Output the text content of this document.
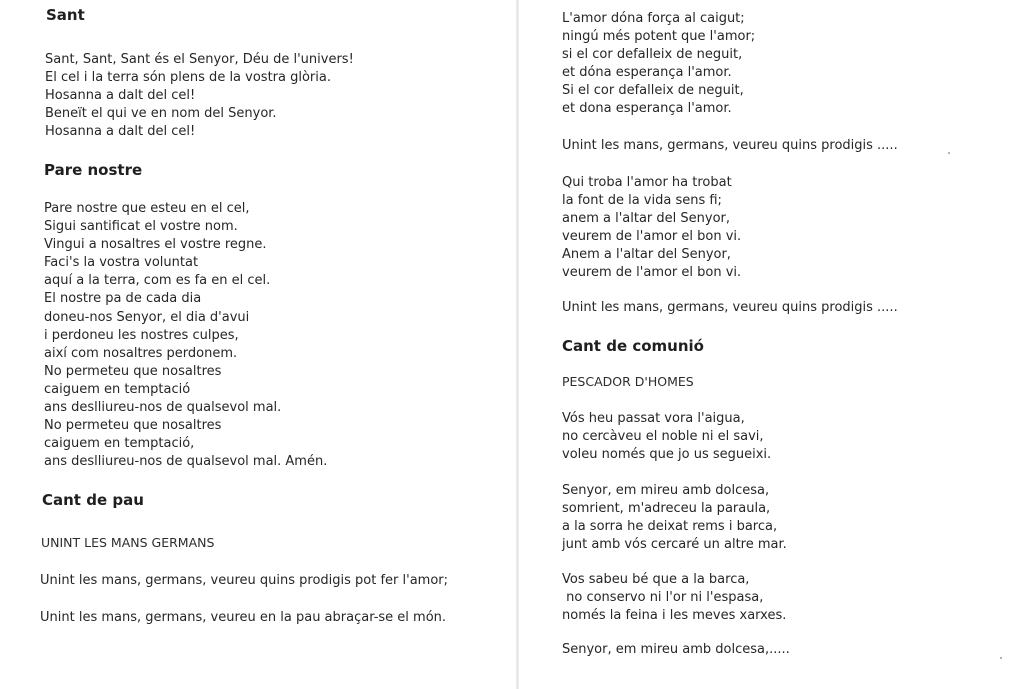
Sant
Sant, Sant, Sant és el Senyor, Déu de l'univers!
El cel i la terra són plens de la vostra glòria.
Hosanna a dalt del cel!
Beneït el qui ve en nom del Senyor.
Hosanna a dalt del cel!
Pare nostre
Pare nostre que esteu en el cel,
Sigui santificat el vostre nom.
Vingui a nosaltres el vostre regne.
Faci's la vostra voluntat
aquí a la terra, com es fa en el cel.
El nostre pa de cada dia
doneu-nos Senyor, el dia d'avui
i perdoneu les nostres culpes,
així com nosaltres perdonem.
No permeteu que nosaltres
caiguem en temptació
ans deslliureu-nos de qualsevol mal.
No permeteu que nosaltres
caiguem en temptació,
ans deslliureu-nos de qualsevol mal. Amén.
Cant de pau
UNINT LES MANS GERMANS

Unint les mans, germans, veureu quins prodigis pot fer l'amor;

Unint les mans, germans, veureu en la pau abraçar-se el món.

L'amor dóna força al caigut;
ningú més potent que l'amor;
si el cor defalleix de neguit,
et dóna esperança l'amor.
Si el cor defalleix de neguit,
et dona esperança l'amor.
Unint les mans, germans, veureu quins prodigis .....
Qui troba l'amor ha trobat
la font de la vida sens fi;
anem a l'altar del Senyor,
veurem de l'amor el bon vi.
Anem a l'altar del Senyor,
veurem de l'amor el bon vi.
Unint les mans, germans, veureu quins prodigis .....
Cant de comunió
PESCADOR D'HOMES
Vós heu passat vora l'aigua,
no cercàveu el noble ni el savi,
voleu només que jo us segueixi.
Senyor, em mireu amb dolcesa,
somrient, m'adreceu la paraula,
a la sorra he deixat rems i barca,
junt amb vós cercaré un altre mar.
Vos sabeu bé que a la barca,
no conservo ni l'or ni l'espasa,
només la feina i les meves xarxes.
Senyor, em mireu amb dolcesa,.....
